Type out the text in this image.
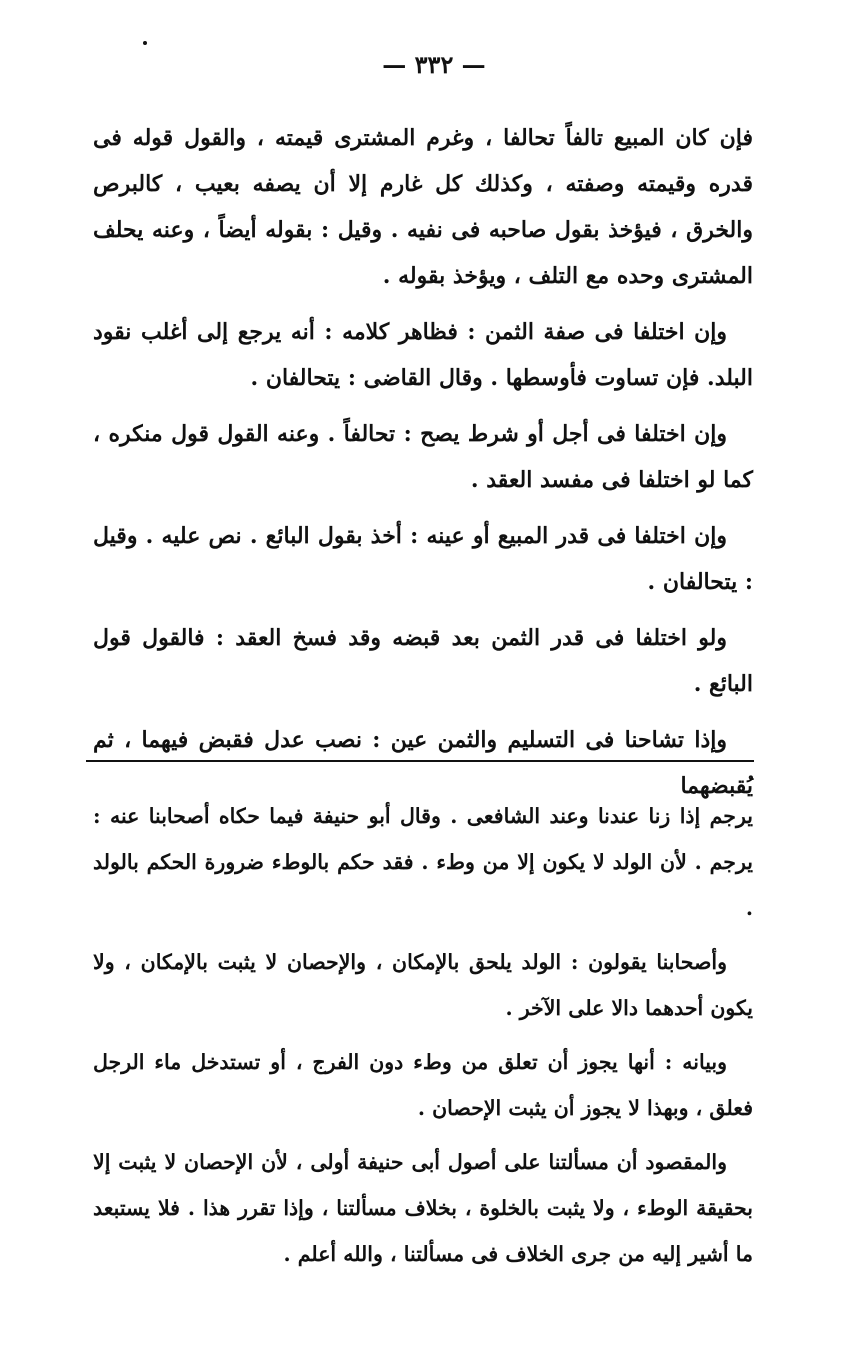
— ٣٣٢ —

فإن كان المبيع تالفاً تحالفا ، وغرم المشترى قيمته ، والقول قوله فى قدره وقيمته وصفته ، وكذلك كل غارم إلا أن يصفه بعيب ، كالبرص والخرق ، فيؤخذ بقول صاحبه فى نفيه . وقيل : بقوله أيضاً ، وعنه يحلف المشترى وحده مع التلف ، ويؤخذ بقوله .

وإن اختلفا فى صفة الثمن : فظاهر كلامه : أنه يرجع إلى أغلب نقود البلد. فإن تساوت فأوسطها . وقال القاضى : يتحالفان .

وإن اختلفا فى أجل أو شرط يصح : تحالفاً . وعنه القول قول منكره ، كما لو اختلفا فى مفسد العقد .

وإن اختلفا فى قدر المبيع أو عينه : أخذ بقول البائع . نص عليه . وقيل : يتحالفان .

ولو اختلفا فى قدر الثمن بعد قبضه وقد فسخ العقد : فالقول قول البائع .

وإذا تشاحنا فى التسليم والثمن عين : نصب عدل فقبض فيهما ، ثم يُقبضهما

يرجم إذا زنا عندنا وعند الشافعى . وقال أبو حنيفة فيما حكاه أصحابنا عنه : يرجم . لأن الولد لا يكون إلا من وطء . فقد حكم بالوطء ضرورة الحكم بالولد .

وأصحابنا يقولون : الولد يلحق بالإمكان ، والإحصان لا يثبت بالإمكان ، ولا يكون أحدهما دالا على الآخر .

وبيانه : أنها يجوز أن تعلق من وطء دون الفرج ، أو تستدخل ماء الرجل فعلق ، وبهذا لا يجوز أن يثبت الإحصان .

والمقصود أن مسألتنا على أصول أبى حنيفة أولى ، لأن الإحصان لا يثبت إلا بحقيقة الوطء ، ولا يثبت بالخلوة ، بخلاف مسألتنا ، وإذا تقرر هذا . فلا يستبعد ما أشير إليه من جرى الخلاف فى مسألتنا ، والله أعلم .
